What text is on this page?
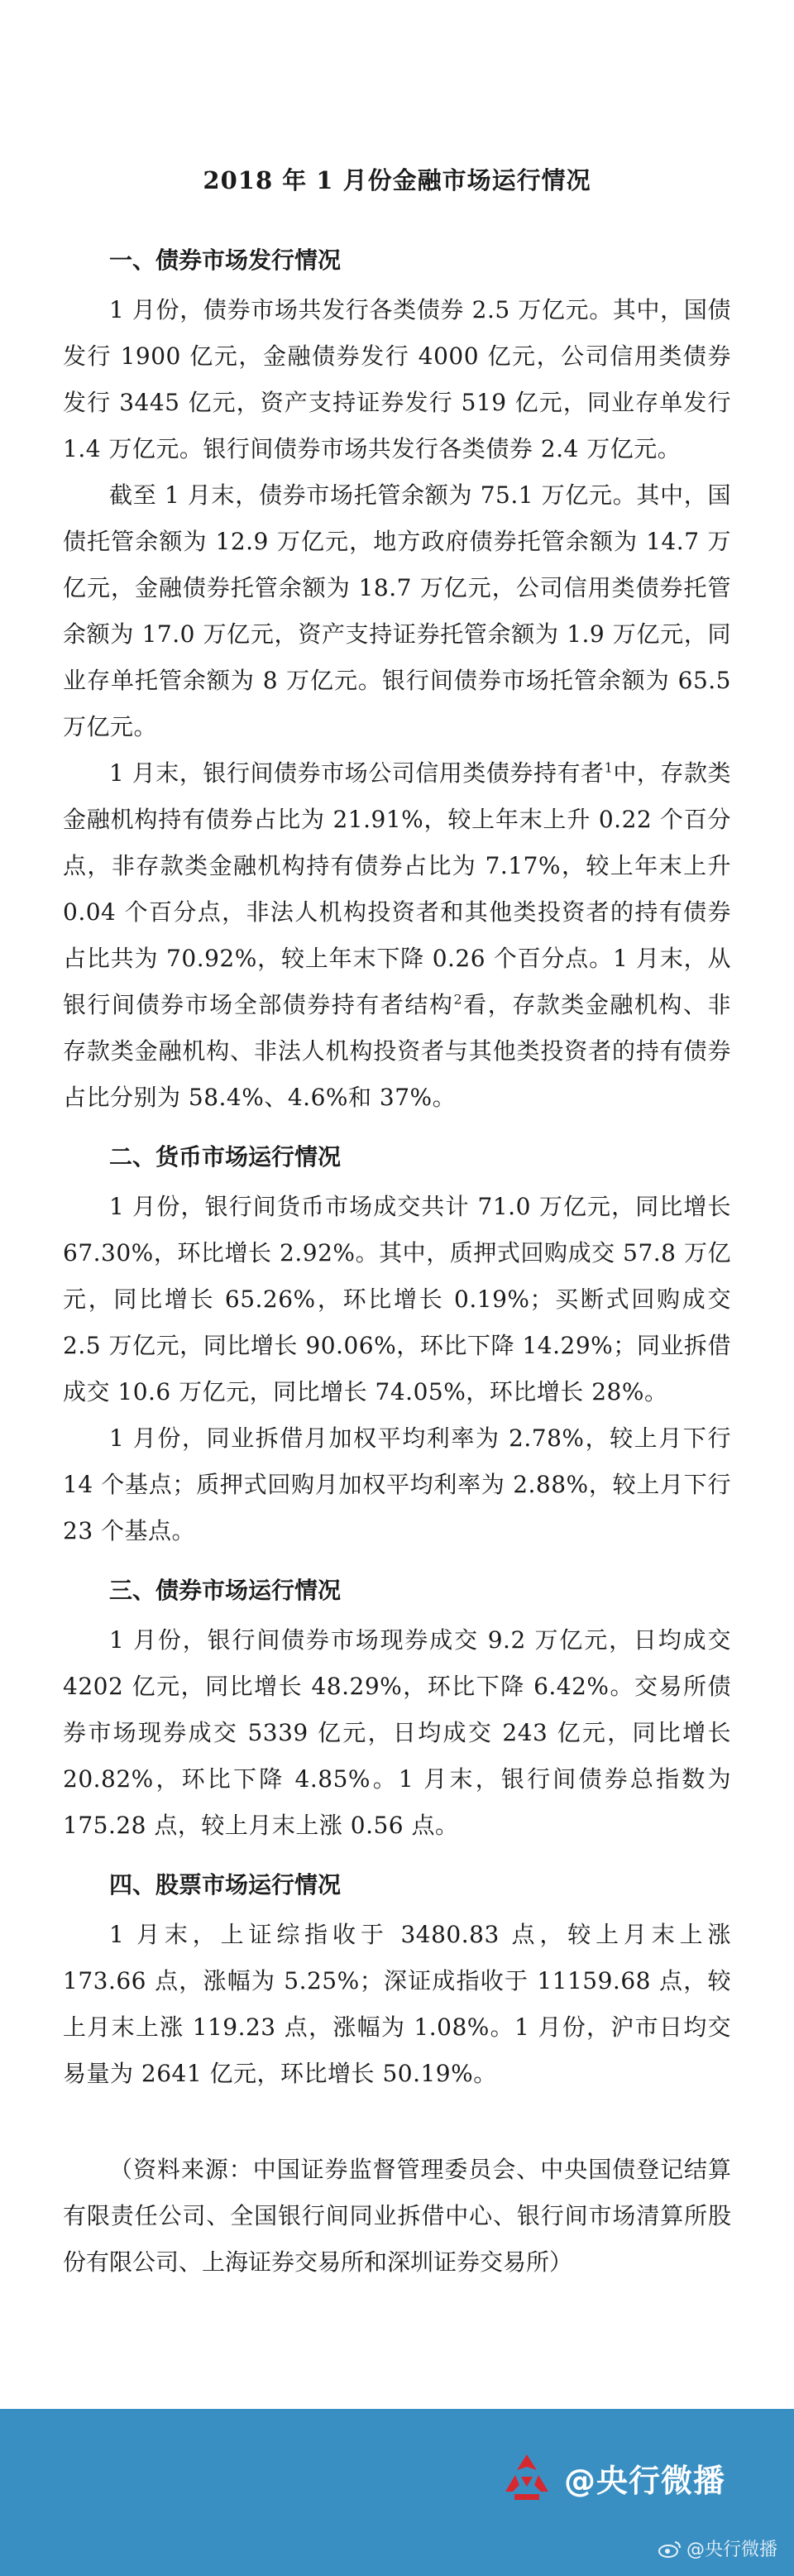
2018 年 1 月份金融市场运行情况
一、债券市场发行情况

1 月份，债券市场共发行各类债券 2.5 万亿元。其中，国债发行 1900 亿元，金融债券发行 4000 亿元，公司信用类债券发行 3445 亿元，资产支持证券发行 519 亿元，同业存单发行 1.4 万亿元。银行间债券市场共发行各类债券 2.4 万亿元。

截至 1 月末，债券市场托管余额为 75.1 万亿元。其中，国债托管余额为 12.9 万亿元，地方政府债券托管余额为 14.7 万亿元，金融债券托管余额为 18.7 万亿元，公司信用类债券托管余额为 17.0 万亿元，资产支持证券托管余额为 1.9 万亿元，同业存单托管余额为 8 万亿元。银行间债券市场托管余额为 65.5 万亿元。

1 月末，银行间债券市场公司信用类债券持有者$^1$中，存款类金融机构持有债券占比为 21.91%，较上年末上升 0.22 个百分点，非存款类金融机构持有债券占比为 7.17%，较上年末上升 0.04 个百分点，非法人机构投资者和其他类投资者的持有债券占比共为 70.92%，较上年末下降 0.26 个百分点。1 月末，从银行间债券市场全部债券持有者结构$^2$看，存款类金融机构、非存款类金融机构、非法人机构投资者与其他类投资者的持有债券占比分别为 58.4%、4.6%和 37%。

二、货币市场运行情况

1 月份，银行间货币市场成交共计 71.0 万亿元，同比增长 67.30%，环比增长 2.92%。其中，质押式回购成交 57.8 万亿元，同比增长 65.26%，环比增长 0.19%；买断式回购成交 2.5 万亿元，同比增长 90.06%，环比下降 14.29%；同业拆借成交 10.6 万亿元，同比增长 74.05%，环比增长 28%。

1 月份，同业拆借月加权平均利率为 2.78%，较上月下行 14 个基点；质押式回购月加权平均利率为 2.88%，较上月下行 23 个基点。

三、债券市场运行情况

1 月份，银行间债券市场现券成交 9.2 万亿元，日均成交 4202 亿元，同比增长 48.29%，环比下降 6.42%。交易所债券市场现券成交 5339 亿元，日均成交 243 亿元，同比增长 20.82%，环比下降 4.85%。1 月末，银行间债券总指数为 175.28 点，较上月末上涨 0.56 点。

四、股票市场运行情况

1 月末，上证综指收于 3480.83 点，较上月末上涨 173.66 点，涨幅为 5.25%；深证成指收于 11159.68 点，较上月末上涨 119.23 点，涨幅为 1.08%。1 月份，沪市日均交易量为 2641 亿元，环比增长 50.19%。

（资料来源：中国证券监督管理委员会、中央国债登记结算有限责任公司、全国银行间同业拆借中心、银行间市场清算所股份有限公司、上海证券交易所和深圳证券交易所）

@央行微播
@央行微播
